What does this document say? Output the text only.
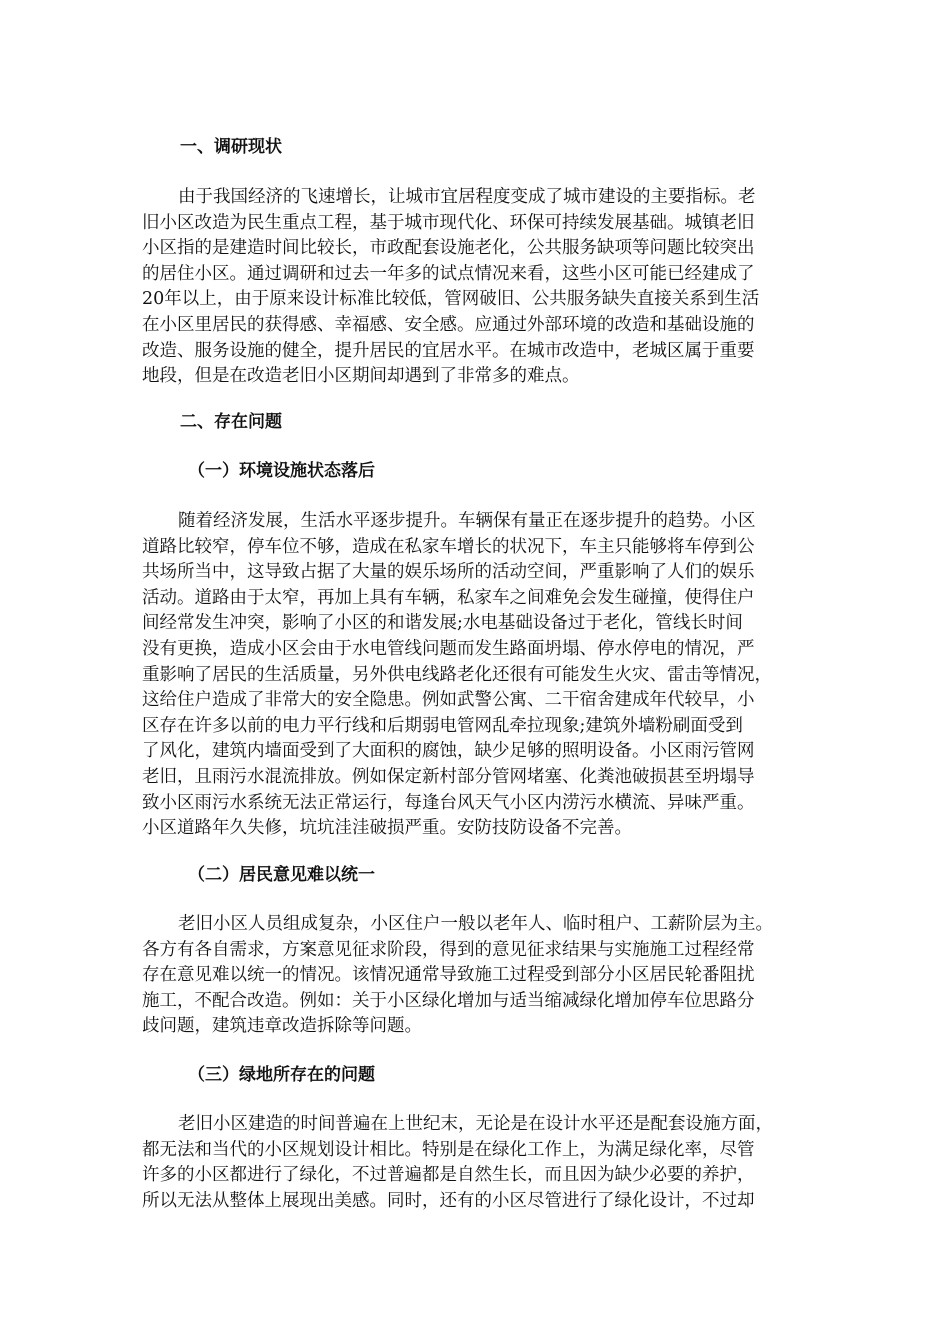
一、调研现状
由于我国经济的飞速增长，让城市宜居程度变成了城市建设的主要指标。老
旧小区改造为民生重点工程，基于城市现代化、环保可持续发展基础。城镇老旧
小区指的是建造时间比较长，市政配套设施老化，公共服务缺项等问题比较突出
的居住小区。通过调研和过去一年多的试点情况来看，这些小区可能已经建成了
20年以上，由于原来设计标准比较低，管网破旧、公共服务缺失直接关系到生活
在小区里居民的获得感、幸福感、安全感。应通过外部环境的改造和基础设施的
改造、服务设施的健全，提升居民的宜居水平。在城市改造中，老城区属于重要
地段，但是在改造老旧小区期间却遇到了非常多的难点。
二、存在问题
（一）环境设施状态落后
随着经济发展，生活水平逐步提升。车辆保有量正在逐步提升的趋势。小区
道路比较窄，停车位不够，造成在私家车增长的状况下，车主只能够将车停到公
共场所当中，这导致占据了大量的娱乐场所的活动空间，严重影响了人们的娱乐
活动。道路由于太窄，再加上具有车辆，私家车之间难免会发生碰撞，使得住户
间经常发生冲突，影响了小区的和谐发展;水电基础设备过于老化，管线长时间
没有更换，造成小区会由于水电管线问题而发生路面坍塌、停水停电的情况，严
重影响了居民的生活质量，另外供电线路老化还很有可能发生火灾、雷击等情况，
这给住户造成了非常大的安全隐患。例如武警公寓、二干宿舍建成年代较早，小
区存在许多以前的电力平行线和后期弱电管网乱牵拉现象;建筑外墙粉刷面受到
了风化，建筑内墙面受到了大面积的腐蚀，缺少足够的照明设备。小区雨污管网
老旧，且雨污水混流排放。例如保定新村部分管网堵塞、化粪池破损甚至坍塌导
致小区雨污水系统无法正常运行，每逢台风天气小区内涝污水横流、异味严重。
小区道路年久失修，坑坑洼洼破损严重。安防技防设备不完善。
（二）居民意见难以统一
老旧小区人员组成复杂，小区住户一般以老年人、临时租户、工薪阶层为主。
各方有各自需求，方案意见征求阶段，得到的意见征求结果与实施施工过程经常
存在意见难以统一的情况。该情况通常导致施工过程受到部分小区居民轮番阻扰
施工，不配合改造。例如：关于小区绿化增加与适当缩减绿化增加停车位思路分
歧问题，建筑违章改造拆除等问题。
（三）绿地所存在的问题
老旧小区建造的时间普遍在上世纪末，无论是在设计水平还是配套设施方面，
都无法和当代的小区规划设计相比。特别是在绿化工作上，为满足绿化率，尽管
许多的小区都进行了绿化，不过普遍都是自然生长，而且因为缺少必要的养护，
所以无法从整体上展现出美感。同时，还有的小区尽管进行了绿化设计，不过却
